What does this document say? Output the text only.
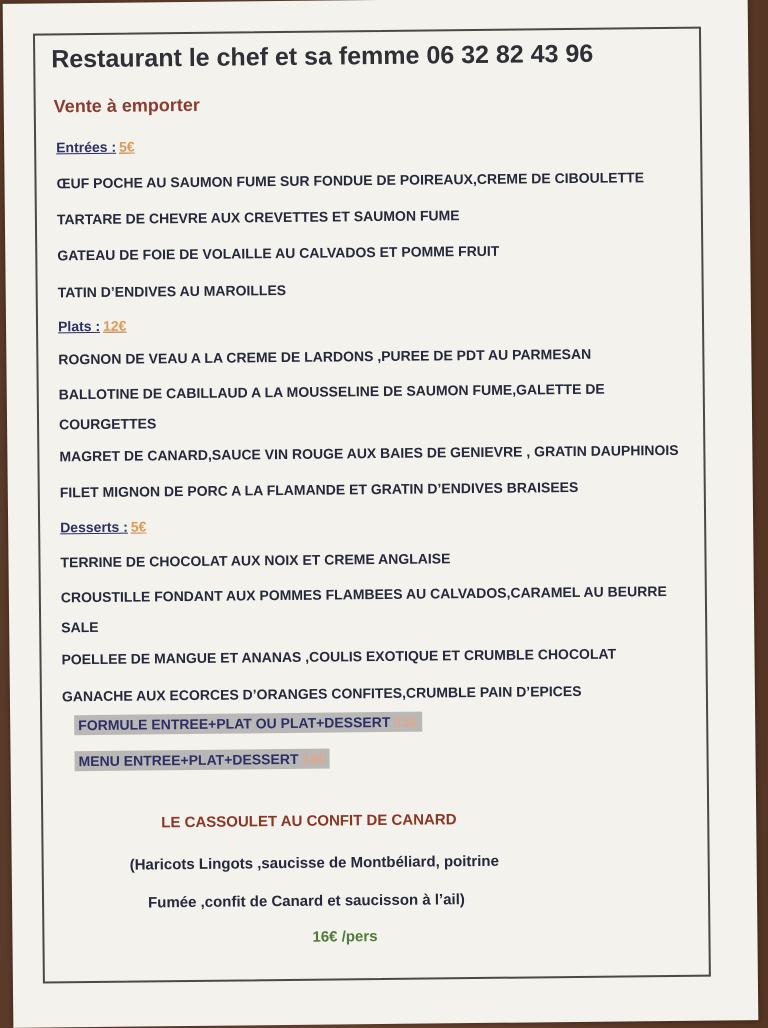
Restaurant le chef et sa femme 06 32 82 43 96
Vente à emporter
Entrées : 5€
ŒUF POCHE AU SAUMON FUME SUR FONDUE DE POIREAUX,CREME DE CIBOULETTE
TARTARE DE CHEVRE AUX CREVETTES ET SAUMON FUME
GATEAU DE FOIE DE VOLAILLE AU CALVADOS ET POMME FRUIT
TATIN D’ENDIVES AU MAROILLES
Plats : 12€
ROGNON DE VEAU A LA CREME DE LARDONS ,PUREE DE PDT AU PARMESAN
BALLOTINE DE CABILLAUD A LA MOUSSELINE DE SAUMON FUME,GALETTE DE
COURGETTES
MAGRET DE CANARD,SAUCE VIN ROUGE AUX BAIES DE GENIEVRE , GRATIN DAUPHINOIS
FILET MIGNON DE PORC A LA FLAMANDE ET GRATIN D’ENDIVES BRAISEES
Desserts : 5€
TERRINE DE CHOCOLAT AUX NOIX ET CREME ANGLAISE
CROUSTILLE FONDANT AUX POMMES FLAMBEES AU CALVADOS,CARAMEL AU BEURRE
SALE
POELLEE DE MANGUE ET ANANAS ,COULIS EXOTIQUE ET CRUMBLE CHOCOLAT
GANACHE AUX ECORCES D’ORANGES CONFITES,CRUMBLE PAIN D’EPICES
FORMULE ENTREE+PLAT OU PLAT+DESSERT 15€
MENU ENTREE+PLAT+DESSERT 19€
LE CASSOULET AU CONFIT DE CANARD
(Haricots Lingots ,saucisse de Montbéliard, poitrine
Fumée ,confit de Canard et saucisson à l’ail)
16€ /pers
